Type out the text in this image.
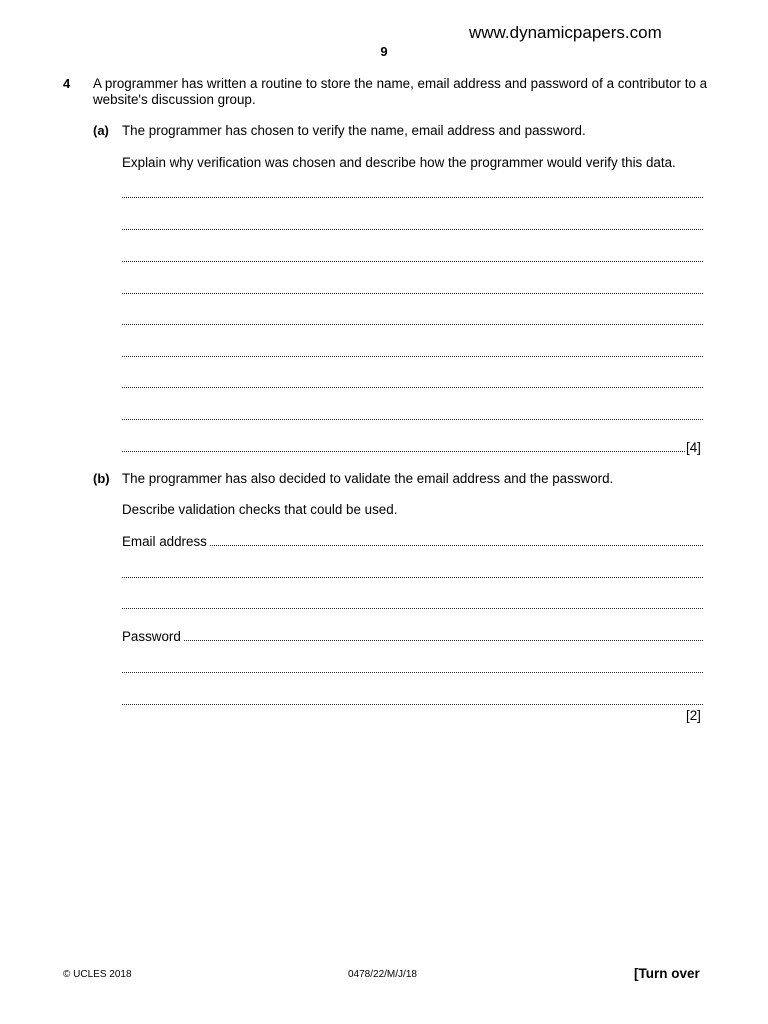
www.dynamicpapers.com
9
4 A programmer has written a routine to store the name, email address and password of a contributor to a website's discussion group.
(a) The programmer has chosen to verify the name, email address and password.
Explain why verification was chosen and describe how the programmer would verify this data.
[4]
(b) The programmer has also decided to validate the email address and the password.
Describe validation checks that could be used.
Email address
Password
[2]
© UCLES 2018	0478/22/M/J/18	[Turn over
